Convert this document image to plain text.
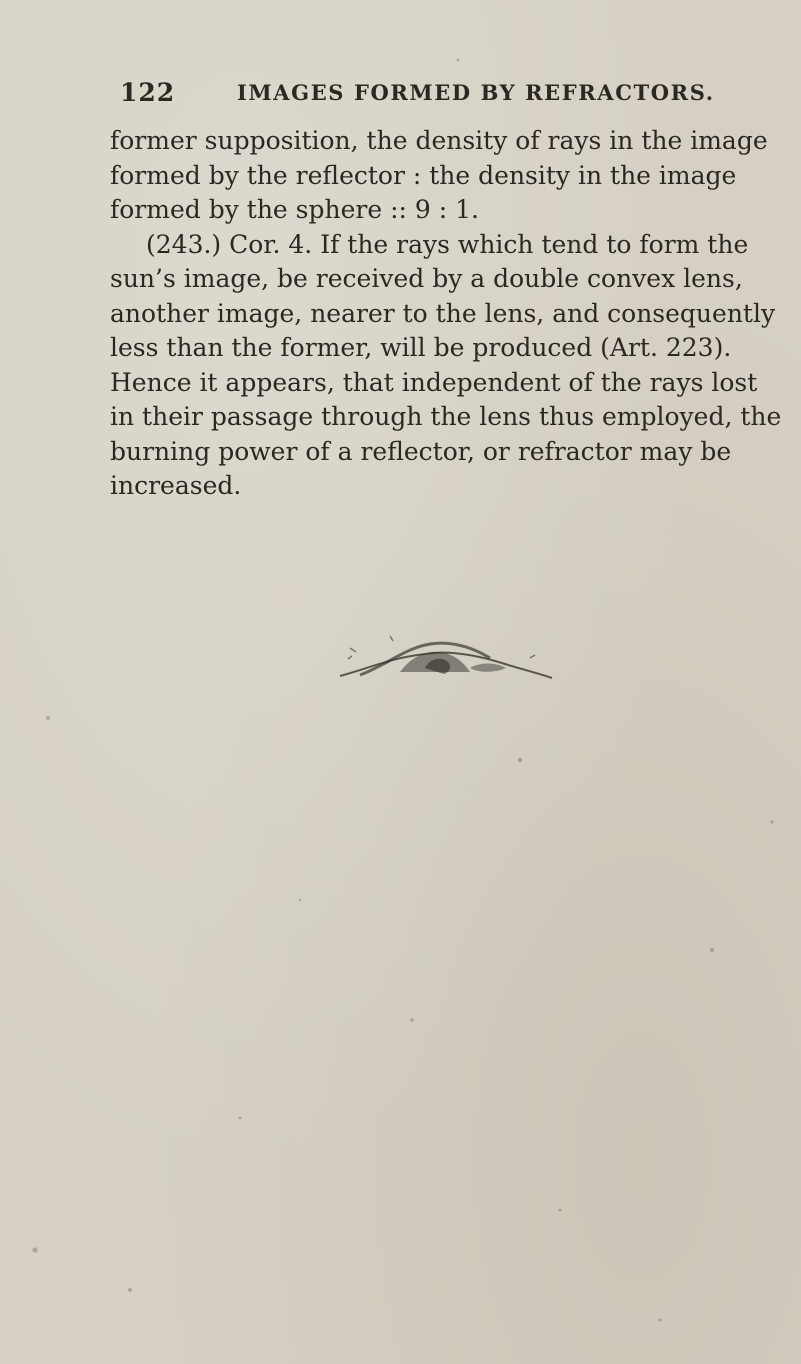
122	IMAGES FORMED BY REFRACTORS.
former supposition, the density of rays in the image
formed by the reflector : the density in the image
formed by the sphere :: 9 : 1.
(243.) Cor. 4. If the rays which tend to form the
sun’s image, be received by a double convex lens,
another image, nearer to the lens, and consequently
less than the former, will be produced (Art. 223).
Hence it appears, that independent of the rays lost
in their passage through the lens thus employed, the
burning power of a reflector, or refractor may be
increased.
